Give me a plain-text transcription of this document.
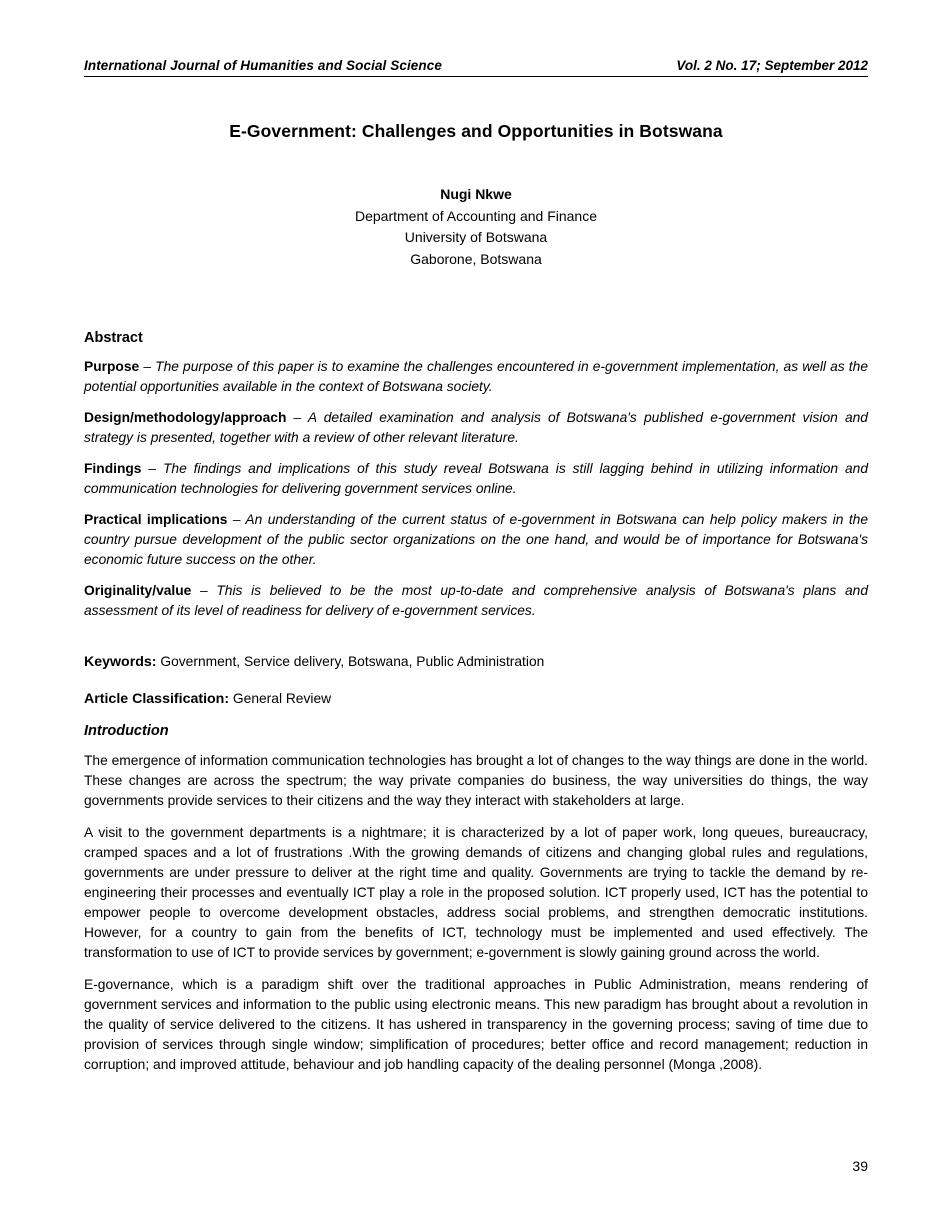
International Journal of Humanities and Social Science	Vol. 2 No. 17; September 2012
E-Government: Challenges and Opportunities in Botswana
Nugi Nkwe
Department of Accounting and Finance
University of Botswana
Gaborone, Botswana
Abstract

Purpose – The purpose of this paper is to examine the challenges encountered in e-government implementation, as well as the potential opportunities available in the context of Botswana society.

Design/methodology/approach – A detailed examination and analysis of Botswana's published e-government vision and strategy is presented, together with a review of other relevant literature.

Findings – The findings and implications of this study reveal Botswana is still lagging behind in utilizing information and communication technologies for delivering government services online.

Practical implications – An understanding of the current status of e-government in Botswana can help policy makers in the country pursue development of the public sector organizations on the one hand, and would be of importance for Botswana's economic future success on the other.

Originality/value – This is believed to be the most up-to-date and comprehensive analysis of Botswana's plans and assessment of its level of readiness for delivery of e-government services.

Keywords: Government, Service delivery, Botswana, Public Administration

Article Classification: General Review

Introduction

The emergence of information communication technologies has brought a lot of changes to the way things are done in the world. These changes are across the spectrum; the way private companies do business, the way universities do things, the way governments provide services to their citizens and the way they interact with stakeholders at large.

A visit to the government departments is a nightmare; it is characterized by a lot of paper work, long queues, bureaucracy, cramped spaces and a lot of frustrations .With the growing demands of citizens and changing global rules and regulations, governments are under pressure to deliver at the right time and quality. Governments are trying to tackle the demand by re-engineering their processes and eventually ICT play a role in the proposed solution. ICT properly used, ICT has the potential to empower people to overcome development obstacles, address social problems, and strengthen democratic institutions. However, for a country to gain from the benefits of ICT, technology must be implemented and used effectively. The transformation to use of ICT to provide services by government; e-government is slowly gaining ground across the world.

E-governance, which is a paradigm shift over the traditional approaches in Public Administration, means rendering of government services and information to the public using electronic means. This new paradigm has brought about a revolution in the quality of service delivered to the citizens. It has ushered in transparency in the governing process; saving of time due to provision of services through single window; simplification of procedures; better office and record management; reduction in corruption; and improved attitude, behaviour and job handling capacity of the dealing personnel (Monga ,2008).

39
